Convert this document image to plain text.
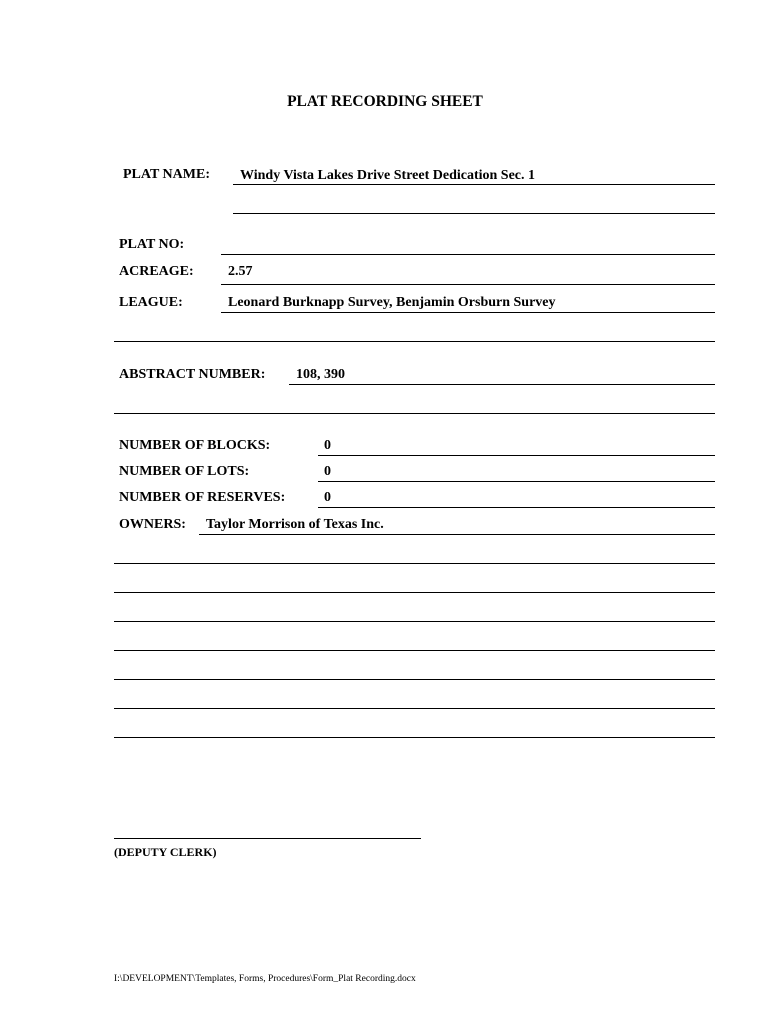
PLAT RECORDING SHEET
PLAT NAME: Windy Vista Lakes Drive Street Dedication Sec. 1
PLAT NO:
ACREAGE: 2.57
LEAGUE:	Leonard Burknapp Survey, Benjamin Orsburn Survey
ABSTRACT NUMBER: 108, 390
NUMBER OF BLOCKS:	0
NUMBER OF LOTS:	0
NUMBER OF RESERVES:	0
OWNERS: Taylor Morrison of Texas Inc.
(DEPUTY CLERK)
I:\DEVELOPMENT\Templates, Forms, Procedures\Form_Plat Recording.docx
